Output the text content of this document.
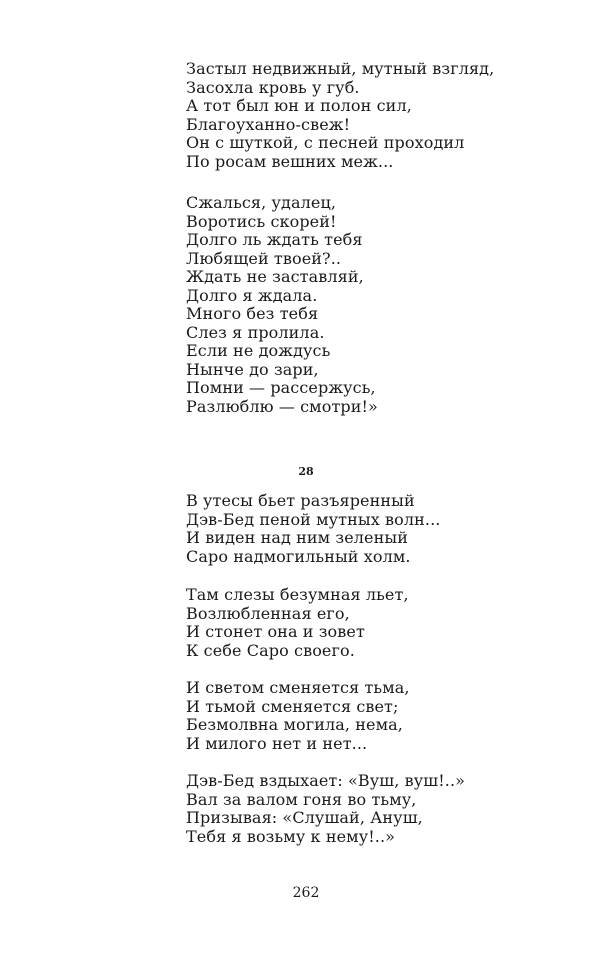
Застыл недвижный, мутный взгляд,
Засохла кровь у губ.
А тот был юн и полон сил,
Благоуханно-свеж!
Он с шуткой, с песней проходил
По росам вешних меж...
Сжалься, удалец,
Воротись скорей!
Долго ль ждать тебя
Любящей твоей?..
Ждать не заставляй,
Долго я ждала.
Много без тебя
Слез я пролила.
Если не дождусь
Нынче до зари,
Помни — рассержусь,
Разлюблю — смотри!»
28
В утесы бьет разъяренный
Дэв-Бед пеной мутных волн...
И виден над ним зеленый
Саро надмогильный холм.
Там слезы безумная льет,
Возлюбленная его,
И стонет она и зовет
К себе Саро своего.
И светом сменяется тьма,
И тьмой сменяется свет;
Безмолвна могила, нема,
И милого нет и нет...
Дэв-Бед вздыхает: «Вуш, вуш!..»
Вал за валом гоня во тьму,
Призывая: «Слушай, Ануш,
Тебя я возьму к нему!..»
262
